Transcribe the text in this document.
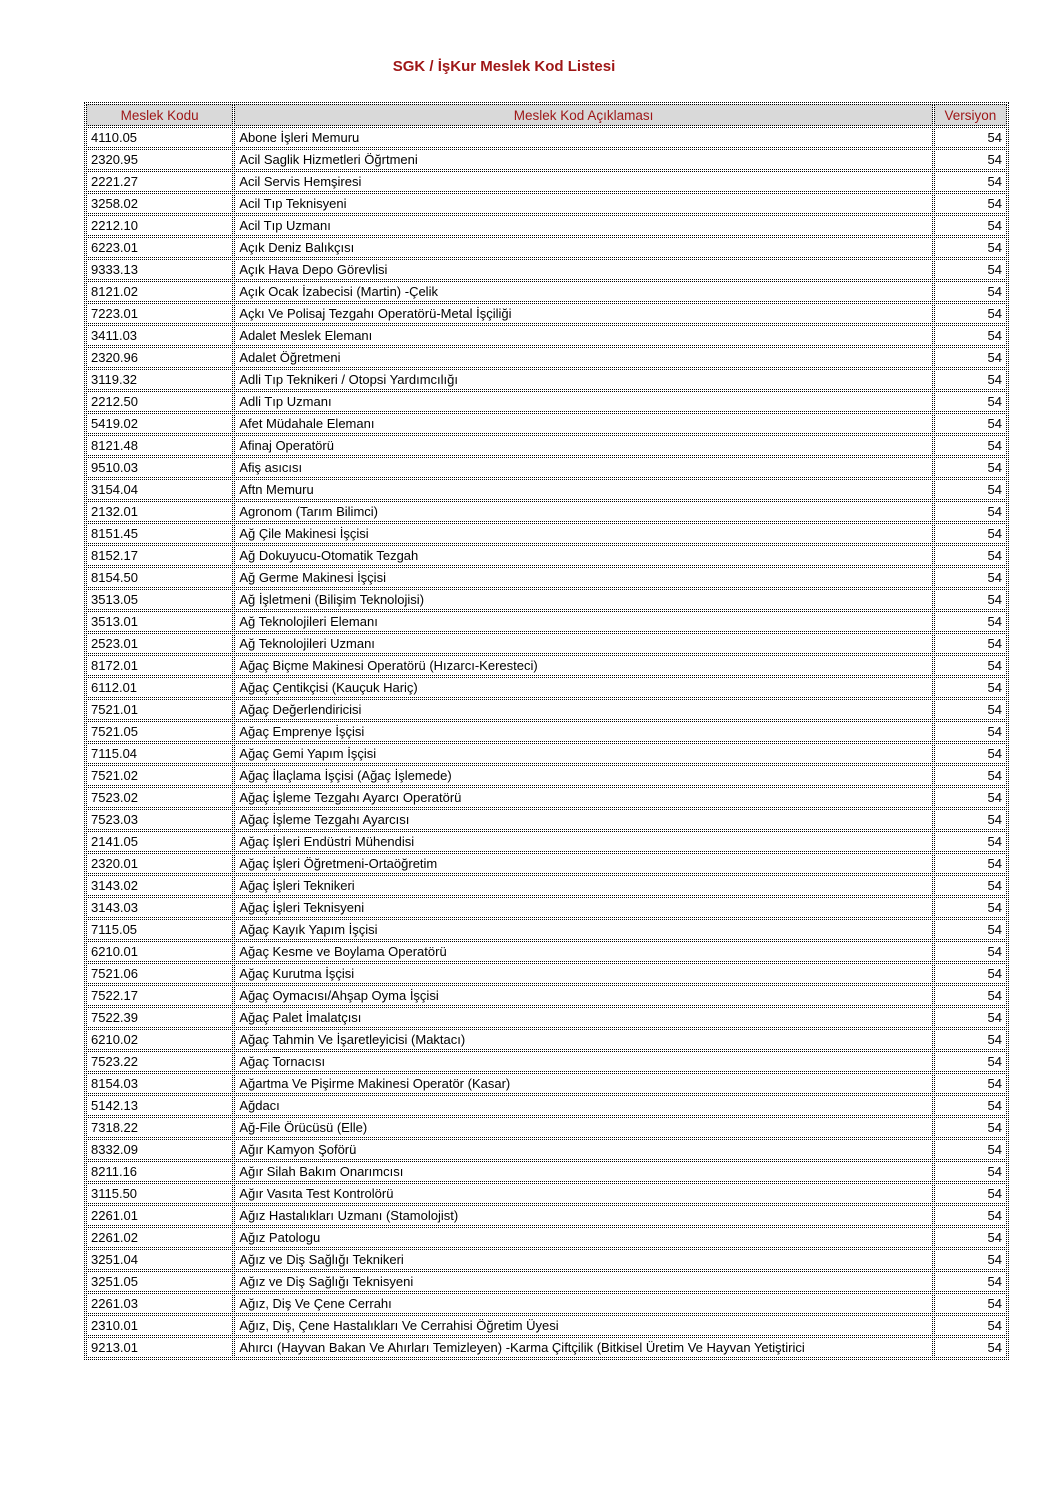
SGK / İşKur Meslek Kod Listesi
Meslek Kodu	Meslek Kod Açıklaması	Versiyon
4110.05	Abone İşleri Memuru	54
2320.95	Acil Saglik Hizmetleri Öğrtmeni	54
2221.27	Acil Servis Hemşiresi	54
3258.02	Acil Tıp Teknisyeni	54
2212.10	Acil Tıp Uzmanı	54
6223.01	Açık Deniz Balıkçısı	54
9333.13	Açık Hava Depo Görevlisi	54
8121.02	Açık Ocak İzabecisi (Martin) -Çelik	54
7223.01	Açkı Ve Polisaj Tezgahı Operatörü-Metal İşçiliği	54
3411.03	Adalet Meslek Elemanı	54
2320.96	Adalet Öğretmeni	54
3119.32	Adli Tıp Teknikeri / Otopsi Yardımcılığı	54
2212.50	Adli Tıp Uzmanı	54
5419.02	Afet Müdahale Elemanı	54
8121.48	Afinaj Operatörü	54
9510.03	Afiş asıcısı	54
3154.04	Aftn Memuru	54
2132.01	Agronom (Tarım Bilimci)	54
8151.45	Ağ Çile Makinesi İşçisi	54
8152.17	Ağ Dokuyucu-Otomatik Tezgah	54
8154.50	Ağ Germe Makinesi İşçisi	54
3513.05	Ağ İşletmeni (Bilişim Teknolojisi)	54
3513.01	Ağ Teknolojileri Elemanı	54
2523.01	Ağ Teknolojileri Uzmanı	54
8172.01	Ağaç Biçme Makinesi Operatörü (Hızarcı-Keresteci)	54
6112.01	Ağaç Çentikçisi (Kauçuk Hariç)	54
7521.01	Ağaç Değerlendiricisi	54
7521.05	Ağaç Emprenye İşçisi	54
7115.04	Ağaç Gemi Yapım İşçisi	54
7521.02	Ağaç İlaçlama İşçisi (Ağaç İşlemede)	54
7523.02	Ağaç İşleme Tezgahı Ayarcı Operatörü	54
7523.03	Ağaç İşleme Tezgahı Ayarcısı	54
2141.05	Ağaç İşleri Endüstri Mühendisi	54
2320.01	Ağaç İşleri Öğretmeni-Ortaöğretim	54
3143.02	Ağaç İşleri Teknikeri	54
3143.03	Ağaç İşleri Teknisyeni	54
7115.05	Ağaç Kayık Yapım İşçisi	54
6210.01	Ağaç Kesme ve Boylama Operatörü	54
7521.06	Ağaç Kurutma İşçisi	54
7522.17	Ağaç Oymacısı/Ahşap Oyma İşçisi	54
7522.39	Ağaç Palet İmalatçısı	54
6210.02	Ağaç Tahmin Ve İşaretleyicisi (Maktacı)	54
7523.22	Ağaç Tornacısı	54
8154.03	Ağartma Ve Pişirme Makinesi Operatör (Kasar)	54
5142.13	Ağdacı	54
7318.22	Ağ-File Örücüsü (Elle)	54
8332.09	Ağır Kamyon Şoförü	54
8211.16	Ağır Silah Bakım Onarımcısı	54
3115.50	Ağır Vasıta Test Kontrolörü	54
2261.01	Ağız Hastalıkları Uzmanı (Stamolojist)	54
2261.02	Ağız Patologu	54
3251.04	Ağız ve Diş Sağlığı Teknikeri	54
3251.05	Ağız ve Diş Sağlığı Teknisyeni	54
2261.03	Ağız, Diş Ve Çene Cerrahı	54
2310.01	Ağız, Diş, Çene Hastalıkları Ve Cerrahisi Öğretim Üyesi	54
9213.01	Ahırcı (Hayvan Bakan Ve Ahırları Temizleyen) -Karma Çiftçilik (Bitkisel Üretim Ve Hayvan Yetiştirici	54
